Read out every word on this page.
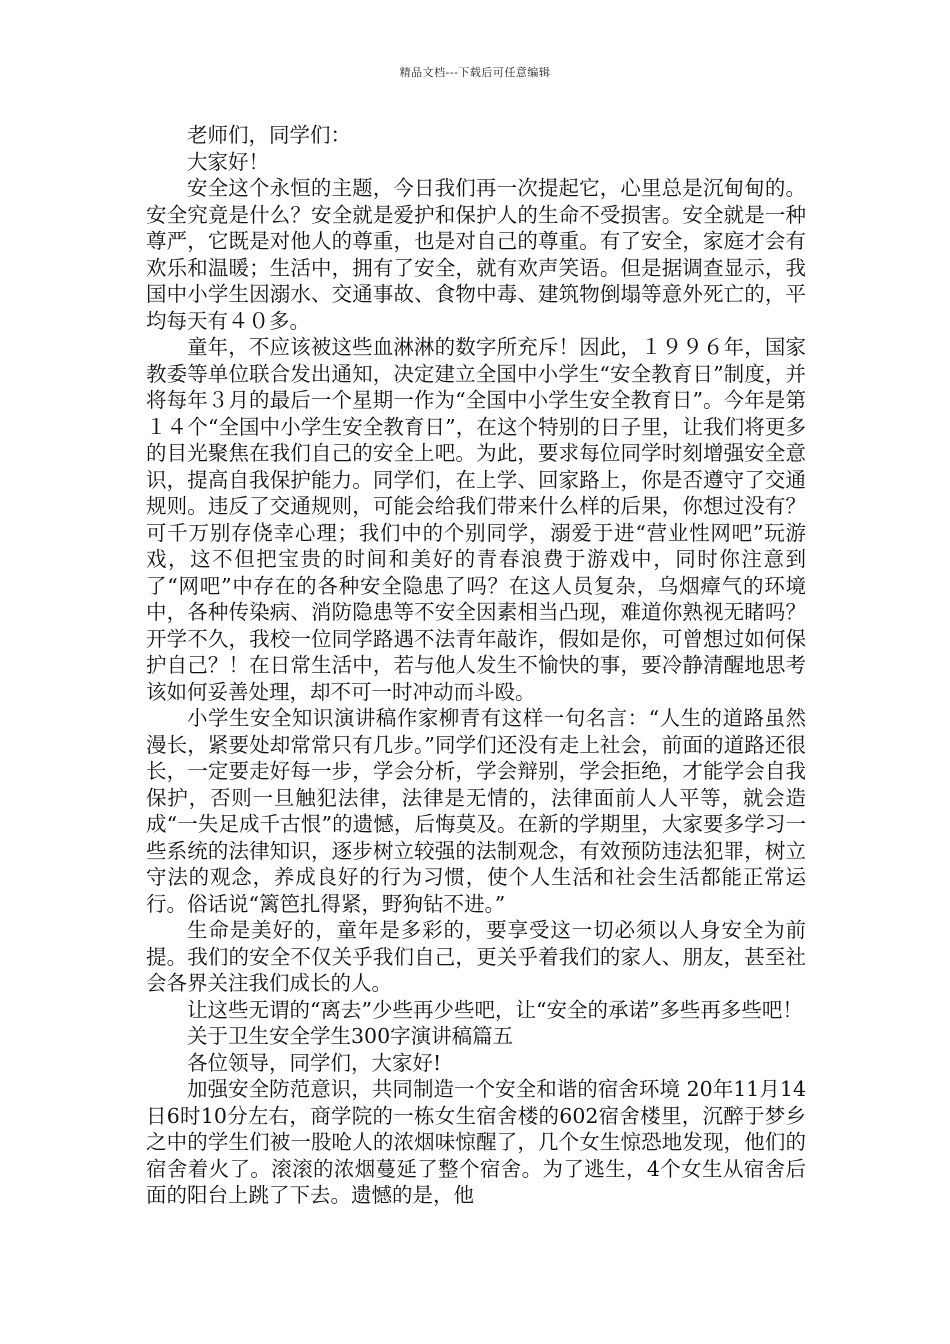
精品文档---下载后可任意编辑

老师们，同学们：

大家好！

安全这个永恒的主题，今日我们再一次提起它，心里总是沉甸甸的。安全究竟是什么？安全就是爱护和保护人的生命不受损害。安全就是一种尊严，它既是对他人的尊重，也是对自己的尊重。有了安全，家庭才会有欢乐和温暖；生活中，拥有了安全，就有欢声笑语。但是据调查显示，我国中小学生因溺水、交通事故、食物中毒、建筑物倒塌等意外死亡的，平均每天有４０多。

童年，不应该被这些血淋淋的数字所充斥！因此，１９９６年，国家教委等单位联合发出通知，决定建立全国中小学生“安全教育日”制度，并将每年３月的最后一个星期一作为“全国中小学生安全教育日”。今年是第１４个“全国中小学生安全教育日”，在这个特别的日子里，让我们将更多的目光聚焦在我们自己的安全上吧。为此，要求每位同学时刻增强安全意识，提高自我保护能力。同学们，在上学、回家路上，你是否遵守了交通规则。违反了交通规则，可能会给我们带来什么样的后果，你想过没有？可千万别存侥幸心理；我们中的个别同学，溺爱于进“营业性网吧”玩游戏，这不但把宝贵的时间和美好的青春浪费于游戏中，同时你注意到了“网吧”中存在的各种安全隐患了吗？在这人员复杂，乌烟瘴气的环境中，各种传染病、消防隐患等不安全因素相当凸现，难道你熟视无睹吗？开学不久，我校一位同学路遇不法青年敲诈，假如是你，可曾想过如何保护自己？！在日常生活中，若与他人发生不愉快的事，要冷静清醒地思考该如何妥善处理，却不可一时冲动而斗殴。

小学生安全知识演讲稿作家柳青有这样一句名言：“人生的道路虽然漫长，紧要处却常常只有几步。”同学们还没有走上社会，前面的道路还很长，一定要走好每一步，学会分析，学会辩别，学会拒绝，才能学会自我保护，否则一旦触犯法律，法律是无情的，法律面前人人平等，就会造成“一失足成千古恨”的遗憾，后悔莫及。在新的学期里，大家要多学习一些系统的法律知识，逐步树立较强的法制观念，有效预防违法犯罪，树立守法的观念，养成良好的行为习惯，使个人生活和社会生活都能正常运行。俗话说“篱笆扎得紧，野狗钻不进。”

生命是美好的，童年是多彩的，要享受这一切必须以人身安全为前提。我们的安全不仅关乎我们自己，更关乎着我们的家人、朋友，甚至社会各界关注我们成长的人。

让这些无谓的“离去”少些再少些吧，让“安全的承诺”多些再多些吧！

关于卫生安全学生300字演讲稿篇五

各位领导，同学们，大家好!

加强安全防范意识，共同制造一个安全和谐的宿舍环境 20年11月14日6时10分左右，商学院的一栋女生宿舍楼的602宿舍楼里，沉醉于梦乡之中的学生们被一股呛人的浓烟味惊醒了，几个女生惊恐地发现，他们的宿舍着火了。滚滚的浓烟蔓延了整个宿舍。为了逃生，4个女生从宿舍后面的阳台上跳了下去。遗憾的是，他
